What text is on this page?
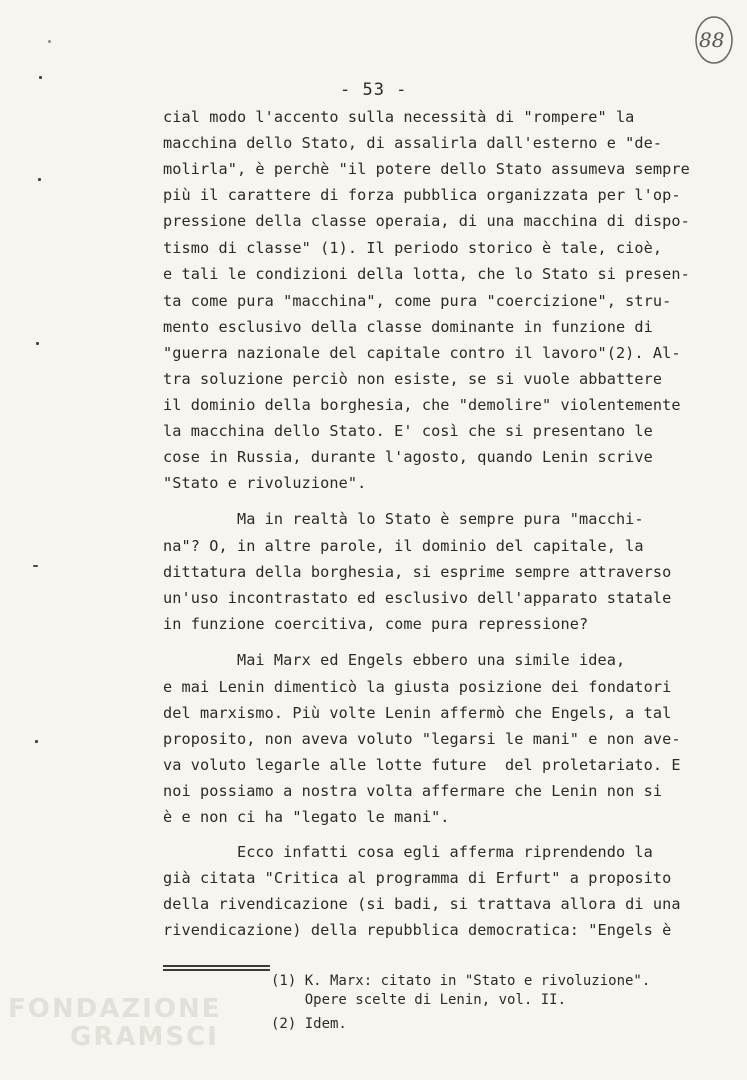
88
- 53 -
cial modo l'accento sulla necessità di "rompere" la
macchina dello Stato, di assalirla dall'esterno e "de-
molirla", è perchè "il potere dello Stato assumeva sempre
più il carattere di forza pubblica organizzata per l'op-
pressione della classe operaia, di una macchina di dispo-
tismo di classe" (1). Il periodo storico è tale, cioè,
e tali le condizioni della lotta, che lo Stato si presen-
ta come pura "macchina", come pura "coercizione", stru-
mento esclusivo della classe dominante in funzione di
"guerra nazionale del capitale contro il lavoro"(2). Al-
tra soluzione perciò non esiste, se si vuole abbattere
il dominio della borghesia, che "demolire" violentemente
la macchina dello Stato. E' così che si presentano le
cose in Russia, durante l'agosto, quando Lenin scrive
"Stato e rivoluzione".
Ma in realtà lo Stato è sempre pura "macchi-
na"? O, in altre parole, il dominio del capitale, la
dittatura della borghesia, si esprime sempre attraverso
un'uso incontrastato ed esclusivo dell'apparato statale
in funzione coercitiva, come pura repressione?
Mai Marx ed Engels ebbero una simile idea,
e mai Lenin dimenticò la giusta posizione dei fondatori
del marxismo. Più volte Lenin affermò che Engels, a tal
proposito, non aveva voluto "legarsi le mani" e non ave-
va voluto legarle alle lotte future  del proletariato. E
noi possiamo a nostra volta affermare che Lenin non si
è e non ci ha "legato le mani".
Ecco infatti cosa egli afferma riprendendo la
già citata "Critica al programma di Erfurt" a proposito
della rivendicazione (si badi, si trattava allora di una
rivendicazione) della repubblica democratica: "Engels è
(1) K. Marx: citato in "Stato e rivoluzione".
Opere scelte di Lenin, vol. II.
(2) Idem.
FONDAZIONE
GRAMSCI
